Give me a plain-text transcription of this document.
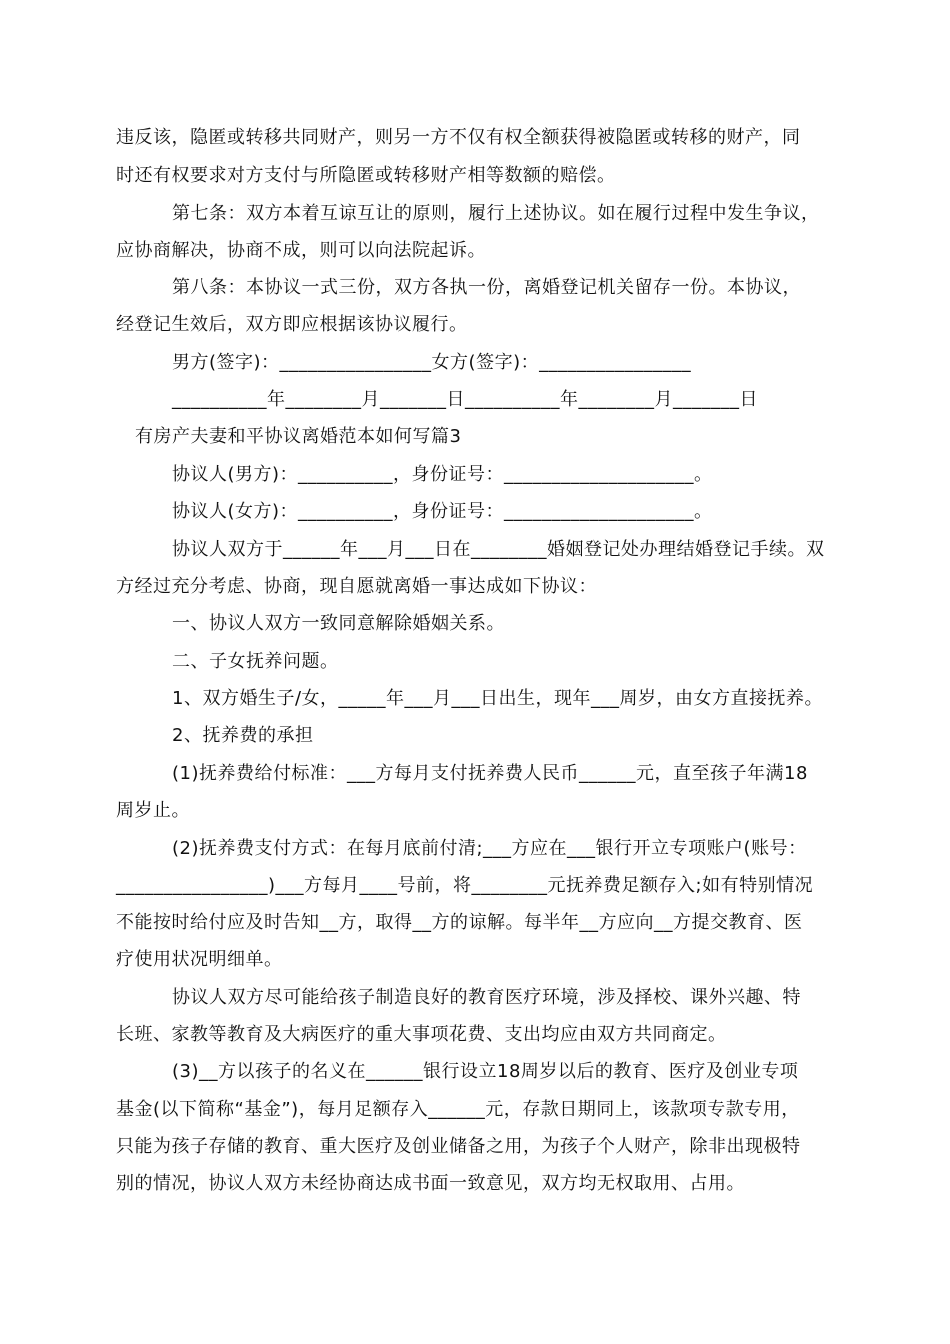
违反该，隐匿或转移共同财产，则另一方不仅有权全额获得被隐匿或转移的财产，同
时还有权要求对方支付与所隐匿或转移财产相等数额的赔偿。
第七条：双方本着互谅互让的原则，履行上述协议。如在履行过程中发生争议，
应协商解决，协商不成，则可以向法院起诉。
第八条：本协议一式三份，双方各执一份，离婚登记机关留存一份。本协议，
经登记生效后，双方即应根据该协议履行。
男方(签字)：________________女方(签字)：________________
__________年________月_______日__________年________月_______日
有房产夫妻和平协议离婚范本如何写篇3
协议人(男方)：__________，身份证号：____________________。
协议人(女方)：__________，身份证号：____________________。
协议人双方于______年___月___日在________婚姻登记处办理结婚登记手续。双
方经过充分考虑、协商，现自愿就离婚一事达成如下协议：
一、协议人双方一致同意解除婚姻关系。
二、子女抚养问题。
1、双方婚生子/女，_____年___月___日出生，现年___周岁，由女方直接抚养。
2、抚养费的承担
(1)抚养费给付标准：___方每月支付抚养费人民币______元，直至孩子年满18
周岁止。
(2)抚养费支付方式：在每月底前付清;___方应在___银行开立专项账户(账号：
________________)___方每月____号前，将________元抚养费足额存入;如有特别情况
不能按时给付应及时告知__方，取得__方的谅解。每半年__方应向__方提交教育、医
疗使用状况明细单。
协议人双方尽可能给孩子制造良好的教育医疗环境，涉及择校、课外兴趣、特
长班、家教等教育及大病医疗的重大事项花费、支出均应由双方共同商定。
(3)__方以孩子的名义在______银行设立18周岁以后的教育、医疗及创业专项
基金(以下简称“基金”)，每月足额存入______元，存款日期同上，该款项专款专用，
只能为孩子存储的教育、重大医疗及创业储备之用，为孩子个人财产，除非出现极特
别的情况，协议人双方未经协商达成书面一致意见，双方均无权取用、占用。
